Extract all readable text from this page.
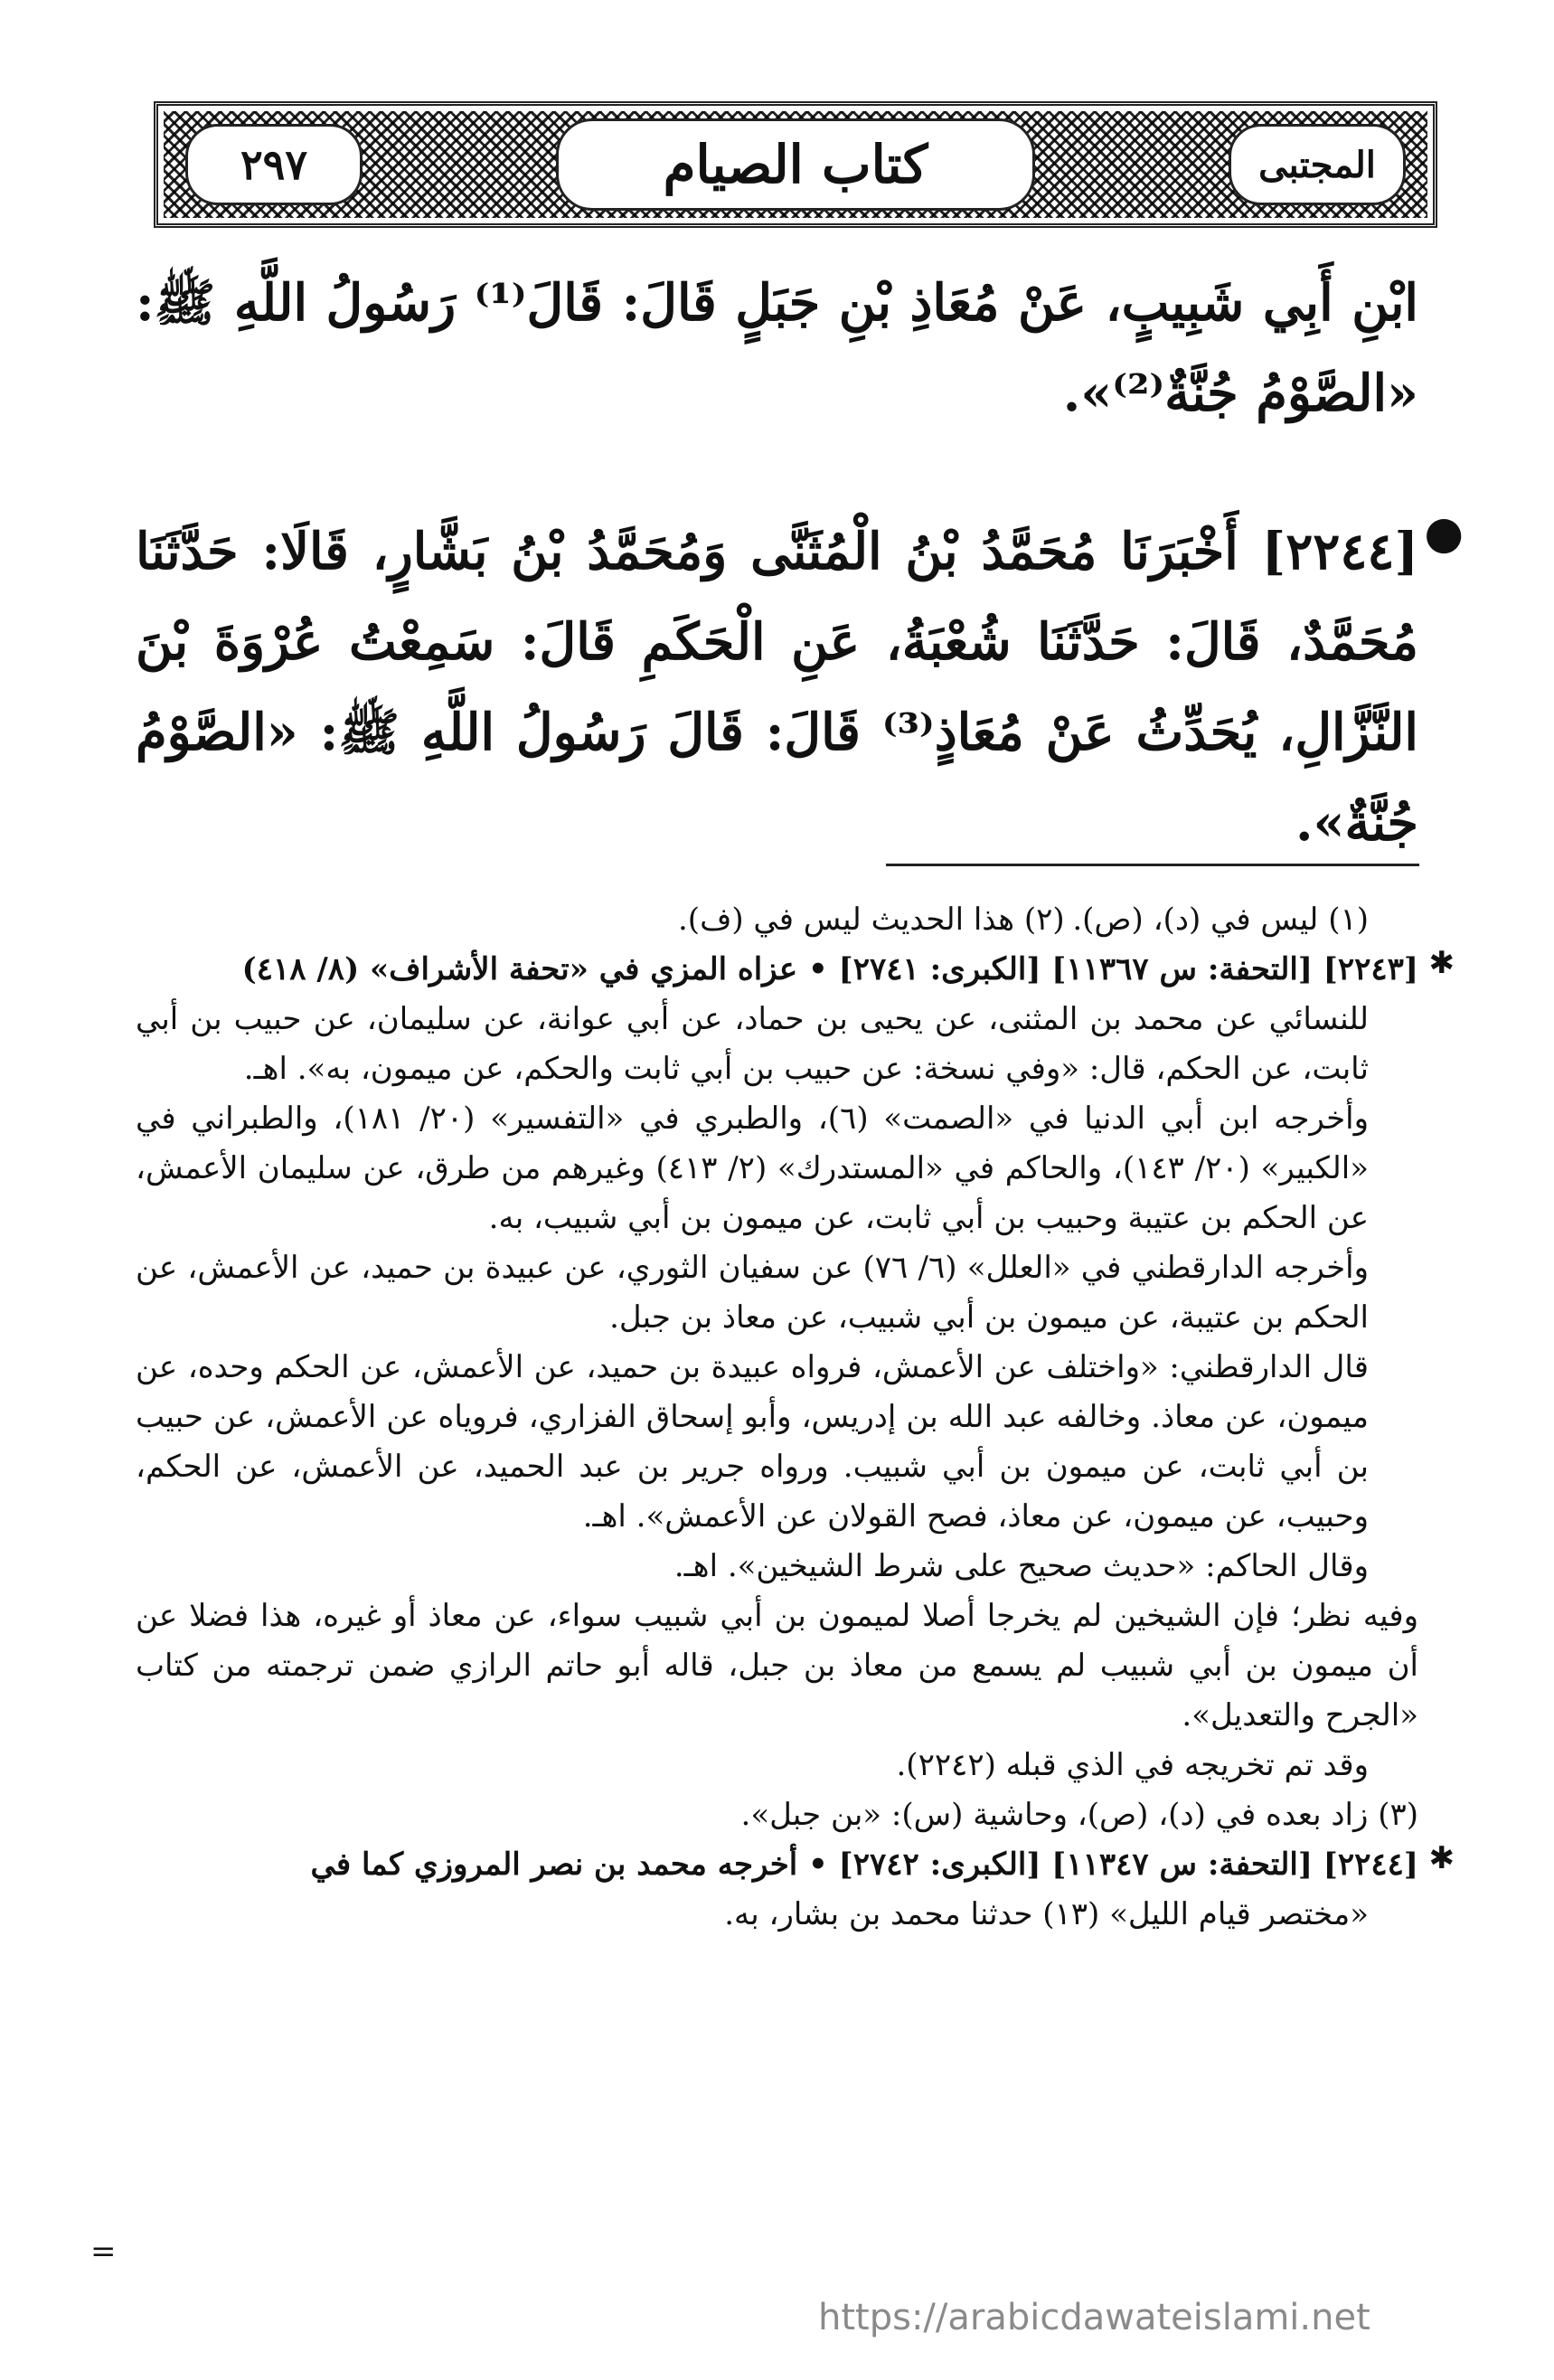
٢٩٧	كتاب الصيام	المجتبى

ابْنِ أَبِي شَبِيبٍ، عَنْ مُعَاذِ بْنِ جَبَلٍ قَالَ: قَالَ⁽¹⁾ رَسُولُ اللَّهِ ﷺ: «الصَّوْمُ جُنَّةٌ⁽²⁾».

●

[٢٢٤٤] أَخْبَرَنَا مُحَمَّدُ بْنُ الْمُثَنَّى وَمُحَمَّدُ بْنُ بَشَّارٍ، قَالَا: حَدَّثَنَا مُحَمَّدٌ، قَالَ: حَدَّثَنَا شُعْبَةُ، عَنِ الْحَكَمِ قَالَ: سَمِعْتُ عُرْوَةَ بْنَ النَّزَّالِ، يُحَدِّثُ عَنْ مُعَاذٍ⁽³⁾ قَالَ: قَالَ رَسُولُ اللَّهِ ﷺ: «الصَّوْمُ جُنَّةٌ».

(١) ليس في (د)، (ص).

(٢) هذا الحديث ليس في (ف).

✱

[٢٢٤٣] [التحفة: س ١١٣٦٧] [الكبرى: ٢٧٤١] • عزاه المزي في «تحفة الأشراف» (٨/ ٤١٨)

للنسائي عن محمد بن المثنى، عن يحيى بن حماد، عن أبي عوانة، عن سليمان، عن حبيب بن أبي ثابت، عن الحكم، قال: «وفي نسخة: عن حبيب بن أبي ثابت والحكم، عن ميمون، به». اهـ.

وأخرجه ابن أبي الدنيا في «الصمت» (٦)، والطبري في «التفسير» (٢٠/ ١٨١)، والطبراني في «الكبير» (٢٠/ ١٤٣)، والحاكم في «المستدرك» (٢/ ٤١٣) وغيرهم من طرق، عن سليمان الأعمش، عن الحكم بن عتيبة وحبيب بن أبي ثابت، عن ميمون بن أبي شبيب، به.

وأخرجه الدارقطني في «العلل» (٦/ ٧٦) عن سفيان الثوري، عن عبيدة بن حميد، عن الأعمش، عن الحكم بن عتيبة، عن ميمون بن أبي شبيب، عن معاذ بن جبل.

قال الدارقطني: «واختلف عن الأعمش، فرواه عبيدة بن حميد، عن الأعمش، عن الحكم وحده، عن ميمون، عن معاذ. وخالفه عبد الله بن إدريس، وأبو إسحاق الفزاري، فروياه عن الأعمش، عن حبيب بن أبي ثابت، عن ميمون بن أبي شبيب. ورواه جرير بن عبد الحميد، عن الأعمش، عن الحكم، وحبيب، عن ميمون، عن معاذ، فصح القولان عن الأعمش». اهـ.

وقال الحاكم: «حديث صحيح على شرط الشيخين». اهـ.

وفيه نظر؛ فإن الشيخين لم يخرجا أصلا لميمون بن أبي شبيب سواء، عن معاذ أو غيره، هذا فضلا عن أن ميمون بن أبي شبيب لم يسمع من معاذ بن جبل، قاله أبو حاتم الرازي ضمن ترجمته من كتاب «الجرح والتعديل».

وقد تم تخريجه في الذي قبله (٢٢٤٢).

(٣) زاد بعده في (د)، (ص)، وحاشية (س): «بن جبل».

✱

[٢٢٤٤] [التحفة: س ١١٣٤٧] [الكبرى: ٢٧٤٢] • أخرجه محمد بن نصر المروزي كما في

«مختصر قيام الليل» (١٣) حدثنا محمد بن بشار، به.

=
https://arabicdawateislami.net
